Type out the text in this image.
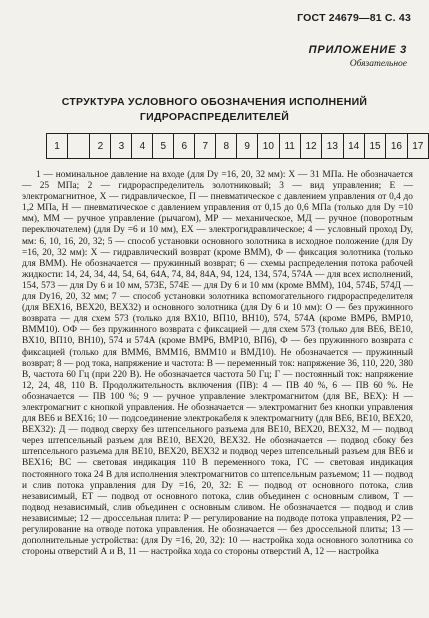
ГОСТ 24679—81 С. 43
ПРИЛОЖЕНИЕ 3
Обязательное
СТРУКТУРА УСЛОВНОГО ОБОЗНАЧЕНИЯ ИСПОЛНЕНИЙ
ГИДРОРАСПРЕДЕЛИТЕЛЕЙ
1		2	3	4	5	6	7	8	9	10	11	12	13	14	15	16	17

1 — номинальное давление на входе (для Dу =16, 20, 32 мм): X — 31 МПа. Не обозначается — 25 МПа; 2 — гидрораспределитель золотниковый; 3 — вид управления; Е — электромагнитное, Х — гидравлическое, П — пневматическое с давлением управления от 0,4 до 1,2 МПа, Н — пневматическое с давлением управления от 0,15 до 0,6 МПа (только для Dу =10 мм), ММ — ручное управление (рычагом), МР — механическое, МД — ручное (поворотным переключателем) (для Dу =6 и 10 мм), ЕХ — электрогидравлическое; 4 — условный проход Dу, мм: 6, 10, 16, 20, 32; 5 — способ установки основного золотника в исходное положение (для Dу =16, 20, 32 мм): Х — гидравлический возврат (кроме ВММ), Ф — фиксация золотника (только для ВММ). Не обозначается — пружинный возврат; 6 — схемы распределения потока рабочей жидкости: 14, 24, 34, 44, 54, 64, 64А, 74, 84, 84А, 94, 124, 134, 574, 574А — для всех исполнений, 154, 573 — для Dу 6 и 10 мм, 573Е, 574Е — для Dу 6 и 10 мм (кроме ВММ), 104, 574Б, 574Д — для Dу16, 20, 32 мм; 7 — способ установки золотника вспомогательного гидрораспределителя (для ВЕХ16, ВЕХ20, ВЕХ32) и основного золотника (для Dу 6 и 10 мм): О — без пружинного возврата — для схем 573 (только для ВХ10, ВП10, ВН10), 574, 574А (кроме ВМР6, ВМР10, ВММ10). ОФ — без пружинного возврата с фиксацией — для схем 573 (только для ВЕ6, ВЕ10, ВХ10, ВП10, ВН10), 574 и 574А (кроме ВМР6, ВМР10, ВП6), Ф — без пружинного возврата с фиксацией (только для ВММ6, ВММ16, ВММ10 и ВМД10). Не обозначается — пружинный возврат; 8 — род тока, напряжение и частота: В — переменный ток: напряжение 36, 110, 220, 380 В, частота 60 Гц (при 220 В). Не обозначается частота 50 Гц; Г — постоянный ток: напряжение 12, 24, 48, 110 В. Продолжительность включения (ПВ): 4 — ПВ 40 %, 6 — ПВ 60 %. Не обозначается — ПВ 100 %; 9 — ручное управление электромагнитом (для ВЕ, ВЕХ): Н — электромагнит с кнопкой управления. Не обозначается — электромагнит без кнопки управления для ВЕ6 и ВЕХ16; 10 — подсоединение электрокабеля к электромагниту (для ВЕ6, ВЕ10, ВЕХ20, ВЕХ32): Д — подвод сверху без штепсельного разъема для ВЕ10, ВЕХ20, ВЕХ32, М — подвод через штепсельный разъем для ВЕ10, ВЕХ20, ВЕХ32. Не обозначается — подвод сбоку без штепсельного разъема для ВЕ10, ВЕХ20, ВЕХ32 и подвод через штепсельный разъем для ВЕ6 и ВЕХ16; ВС — световая индикация 110 В переменного тока, ГС — световая индикация постоянного тока 24 В для исполнения электромагнитов со штепсельным разъемом; 11 — подвод и слив потока управления для Dу =16, 20, 32: Е — подвод от основного потока, слив независимый, ЕТ — подвод от основного потока, слив объединен с основным сливом, Т — подвод независимый, слив объединен с основным сливом. Не обозначается — подвод и слив независимые; 12 — дроссельная плита: Р — регулирование на подводе потока управления, Р2 — регулирование на отводе потока управления. Не обозначается — без дроссельной плиты; 13 — дополнительные устройства: (для Dу =16, 20, 32): 10 — настройка хода основного золотника со стороны отверстий А и В, 11 — настройка хода со стороны отверстий А, 12 — настройка
